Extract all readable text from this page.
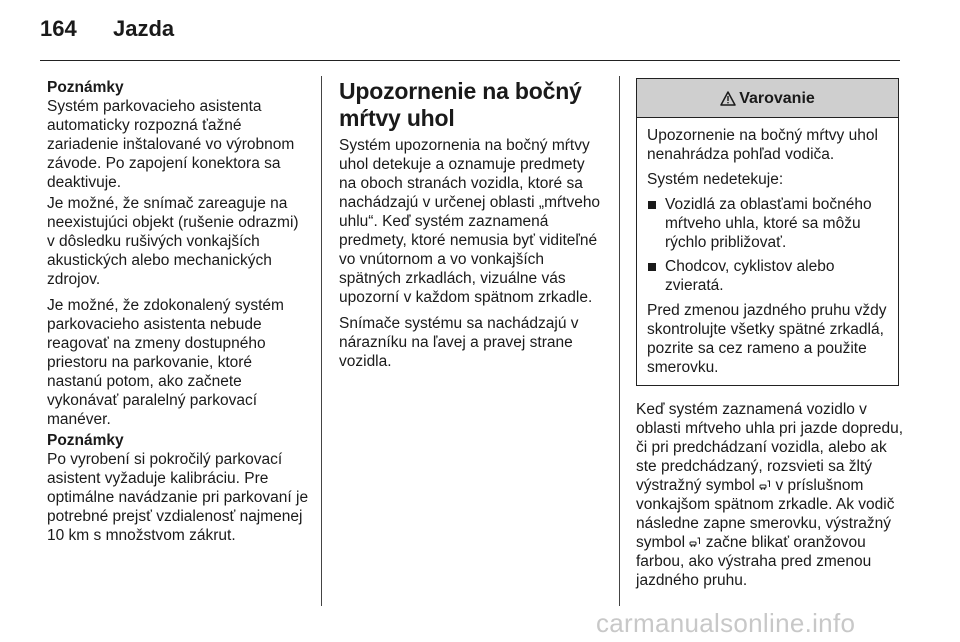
164 Jazda
Poznámky

Systém parkovacieho asistenta automaticky rozpozná ťažné zariadenie inštalované vo výrobnom závode. Po zapojení konektora sa deaktivuje.

Je možné, že snímač zareaguje na neexistujúci objekt (rušenie odrazmi) v dôsledku rušivých vonkajších akustických alebo mechanických zdrojov.

Je možné, že zdokonalený systém parkovacieho asistenta nebude reagovať na zmeny dostupného priestoru na parkovanie, ktoré nastanú potom, ako začnete vykonávať paralelný parkovací manéver.

Poznámky

Po vyrobení si pokročilý parkovací asistent vyžaduje kalibráciu. Pre optimálne navádzanie pri parkovaní je potrebné prejsť vzdialenosť najmenej 10 km s množstvom zákrut.

Upozornenie na bočný mŕtvy uhol

Systém upozornenia na bočný mŕtvy uhol detekuje a oznamuje predmety na oboch stranách vozidla, ktoré sa nachádzajú v určenej oblasti „mŕtveho uhlu“. Keď systém zaznamená predmety, ktoré nemusia byť viditeľné vo vnútornom a vo vonkajších spätných zrkadlách, vizuálne vás upozorní v každom spätnom zrkadle.

Snímače systému sa nachádzajú v nárazníku na ľavej a pravej strane vozidla.

Varovanie

Upozornenie na bočný mŕtvy uhol nenahrádza pohľad vodiča.

Systém nedetekuje:

Vozidlá za oblasťami bočného mŕtveho uhla, ktoré sa môžu rýchlo približovať.
Chodcov, cyklistov alebo zvieratá.

Pred zmenou jazdného pruhu vždy skontrolujte všetky spätné zrkadlá, pozrite sa cez rameno a použite smerovku.

Keď systém zaznamená vozidlo v oblasti mŕtveho uhla pri jazde dopredu, či pri predchádzaní vozidla, alebo ak ste predchádzaný, rozsvieti sa žltý výstražný symbol v príslušnom vonkajšom spätnom zrkadle. Ak vodič následne zapne smerovku, výstražný symbol začne blikať oranžovou farbou, ako výstraha pred zmenou jazdného pruhu.

carmanualsonline.info
